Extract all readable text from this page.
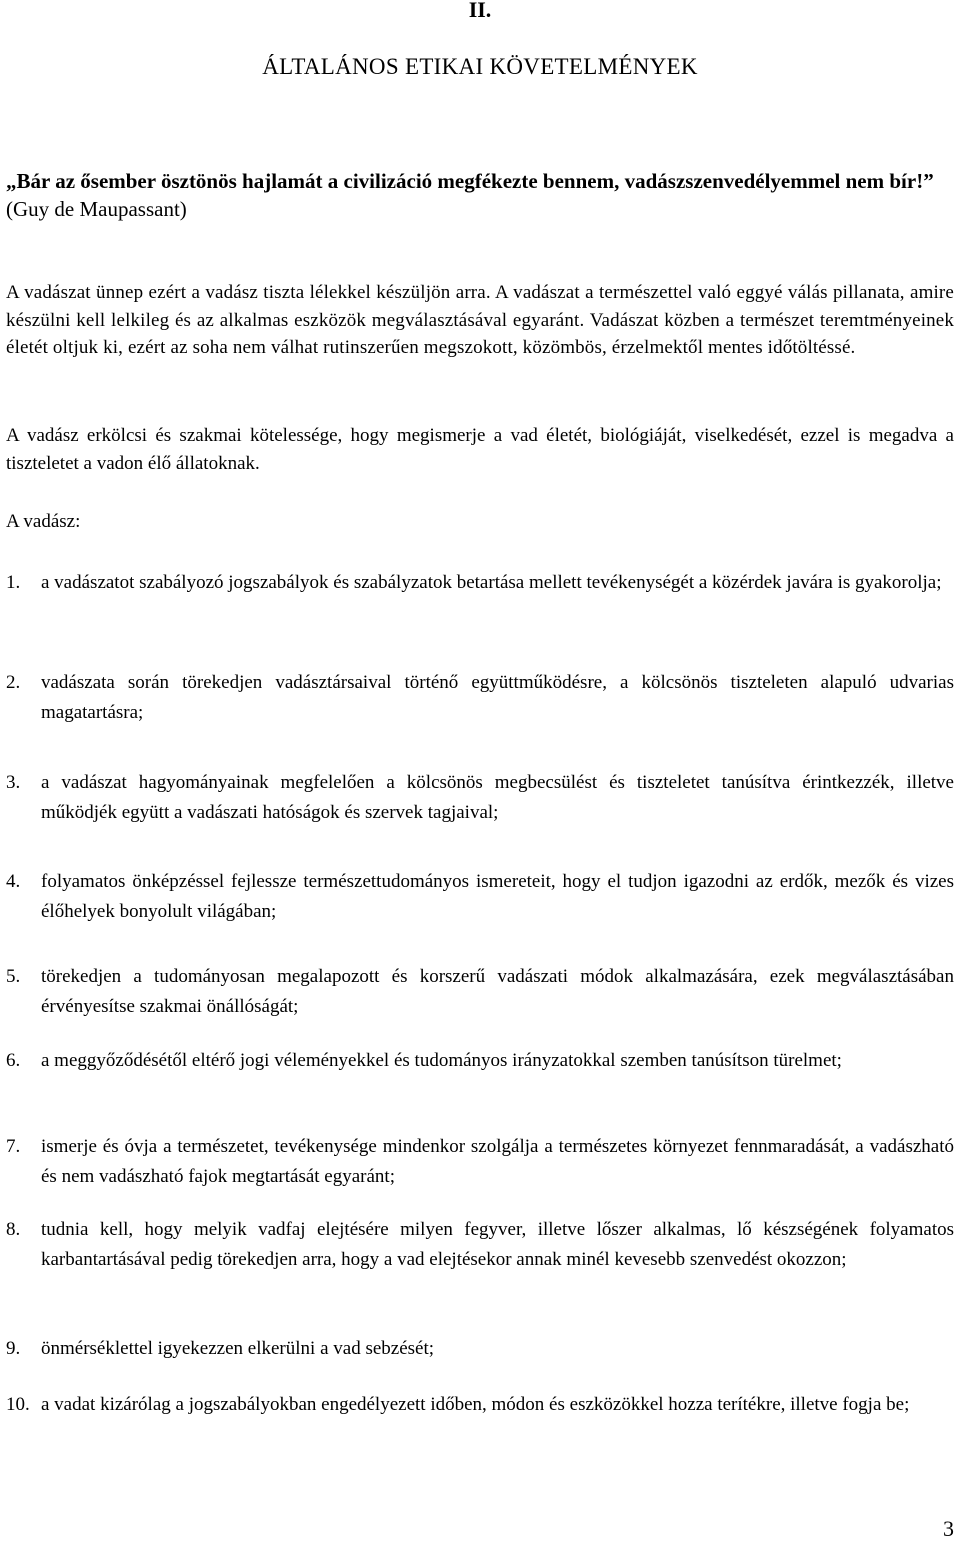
II.
ÁLTALÁNOS ETIKAI KÖVETELMÉNYEK
„Bár az ősember ösztönös hajlamát a civilizáció megfékezte bennem, vadászszenvedélyemmel nem bír!”
(Guy de Maupassant)

A vadászat ünnep ezért a vadász tiszta lélekkel készüljön arra. A vadászat a természettel való eggyé válás pillanata, amire készülni kell lelkileg és az alkalmas eszközök megválasztásával egyaránt. Vadászat közben a természet teremtményeinek életét oltjuk ki, ezért az soha nem válhat rutinszerűen megszokott, közömbös, érzelmektől mentes időtöltéssé.

A vadász erkölcsi és szakmai kötelessége, hogy megismerje a vad életét, biológiáját, viselkedését, ezzel is megadva a tiszteletet a vadon élő állatoknak.

A vadász:
1. a vadászatot szabályozó jogszabályok és szabályzatok betartása mellett tevékenységét a közérdek javára is gyakorolja;
2. vadászata során törekedjen vadásztársaival történő együttműködésre, a kölcsönös tiszteleten alapuló udvarias magatartásra;
3. a vadászat hagyományainak megfelelően a kölcsönös megbecsülést és tiszteletet tanúsítva érintkezzék, illetve működjék együtt a vadászati hatóságok és szervek tagjaival;
4. folyamatos önképzéssel fejlessze természettudományos ismereteit, hogy el tudjon igazodni az erdők, mezők és vizes élőhelyek bonyolult világában;
5. törekedjen a tudományosan megalapozott és korszerű vadászati módok alkalmazására, ezek megválasztásában érvényesítse szakmai önállóságát;
6. a meggyőződésétől eltérő jogi véleményekkel és tudományos irányzatokkal szemben tanúsítson türelmet;
7. ismerje és óvja a természetet, tevékenysége mindenkor szolgálja a természetes környezet fennmaradását, a vadászható és nem vadászható fajok megtartását egyaránt;
8. tudnia kell, hogy melyik vadfaj elejtésére milyen fegyver, illetve lőszer alkalmas, lő készségének folyamatos karbantartásával pedig törekedjen arra, hogy a vad elejtésekor annak minél kevesebb szenvedést okozzon;
9. önmérséklettel igyekezzen elkerülni a vad sebzését;
10. a vadat kizárólag a jogszabályokban engedélyezett időben, módon és eszközökkel hozza terítékre, illetve fogja be;
3
